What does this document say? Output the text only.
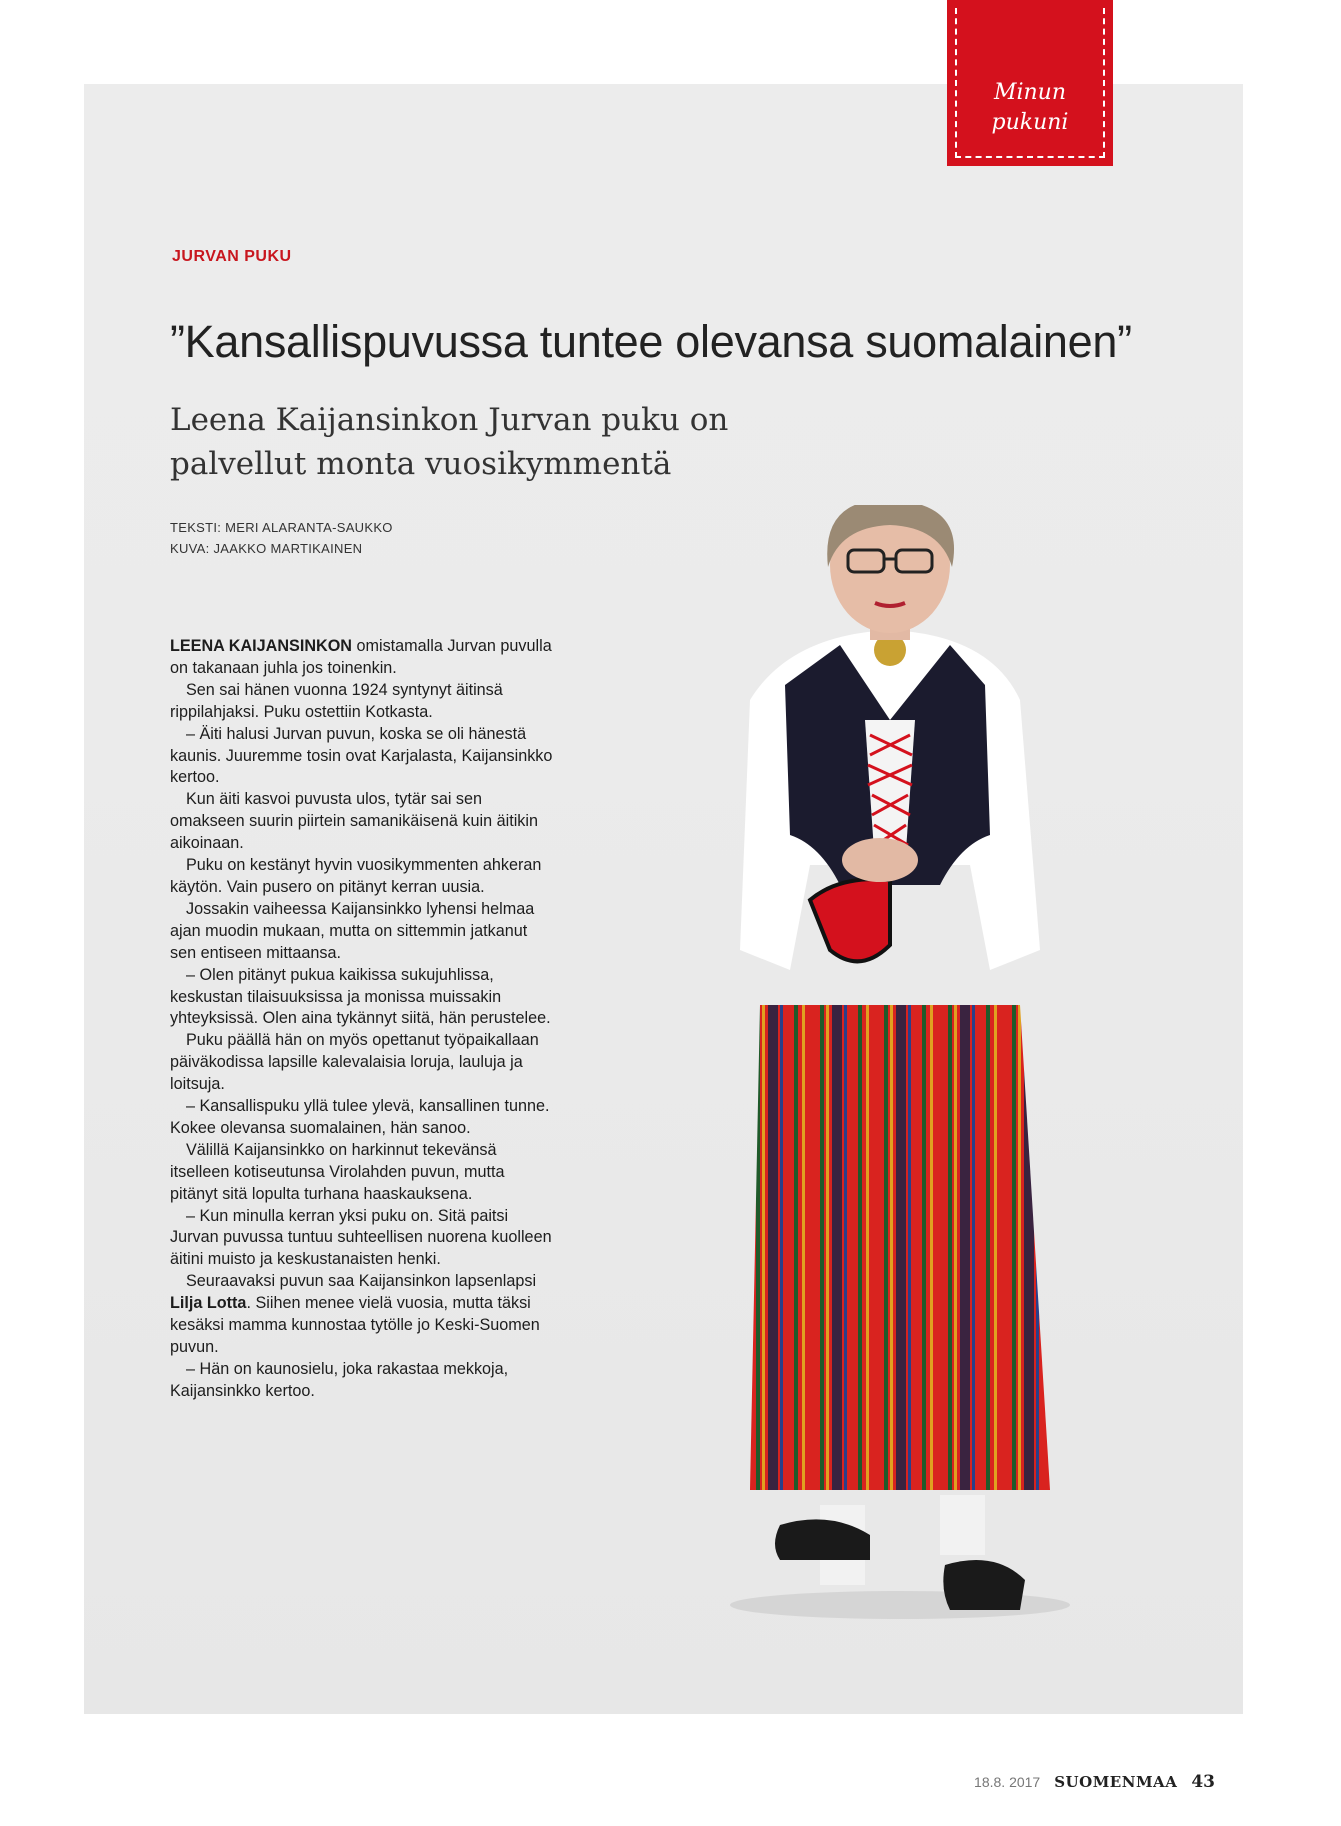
Minun
pukuni
JURVAN PUKU
”Kansallispuvussa tuntee olevansa suomalainen”
Leena Kaijansinkon Jurvan puku on
palvellut monta vuosikymmentä
TEKSTI: MERI ALARANTA-SAUKKO
KUVA: JAAKKO MARTIKAINEN

LEENA KAIJANSINKON omistamalla Jurvan puvulla on takanaan juhla jos toinenkin.

Sen sai hänen vuonna 1924 syntynyt äitinsä rippilahjaksi. Puku ostettiin Kotkasta.

– Äiti halusi Jurvan puvun, koska se oli hänestä kaunis. Juuremme tosin ovat Karjalasta, Kaijansinkko kertoo.

Kun äiti kasvoi puvusta ulos, tytär sai sen omakseen suurin piirtein samanikäisenä kuin äitikin aikoinaan.

Puku on kestänyt hyvin vuosikymmenten ahkeran käytön. Vain pusero on pitänyt kerran uusia.

Jossakin vaiheessa Kaijansinkko lyhensi helmaa ajan muodin mukaan, mutta on sittemmin jatkanut sen entiseen mittaansa.

– Olen pitänyt pukua kaikissa sukujuhlissa, keskustan tilaisuuksissa ja monissa muissakin yhteyksissä. Olen aina tykännyt siitä, hän perustelee.

Puku päällä hän on myös opettanut työpaikallaan päiväkodissa lapsille kalevalaisia loruja, lauluja ja loitsuja.

– Kansallispuku yllä tulee ylevä, kansallinen tunne. Kokee olevansa suomalainen, hän sanoo.

Välillä Kaijansinkko on harkinnut tekevänsä itselleen kotiseutunsa Virolahden puvun, mutta pitänyt sitä lopulta turhana haaskauksena.

– Kun minulla kerran yksi puku on. Sitä paitsi Jurvan puvussa tuntuu suhteellisen nuorena kuolleen äitini muisto ja keskustanaisten henki.

Seuraavaksi puvun saa Kaijansinkon lapsenlapsi Lilja Lotta. Siihen menee vielä vuosia, mutta täksi kesäksi mamma kunnostaa tytölle jo Keski-Suomen puvun.

– Hän on kaunosielu, joka rakastaa mekkoja, Kaijansinkko kertoo.

18.8. 2017 SUOMENMAA 43
